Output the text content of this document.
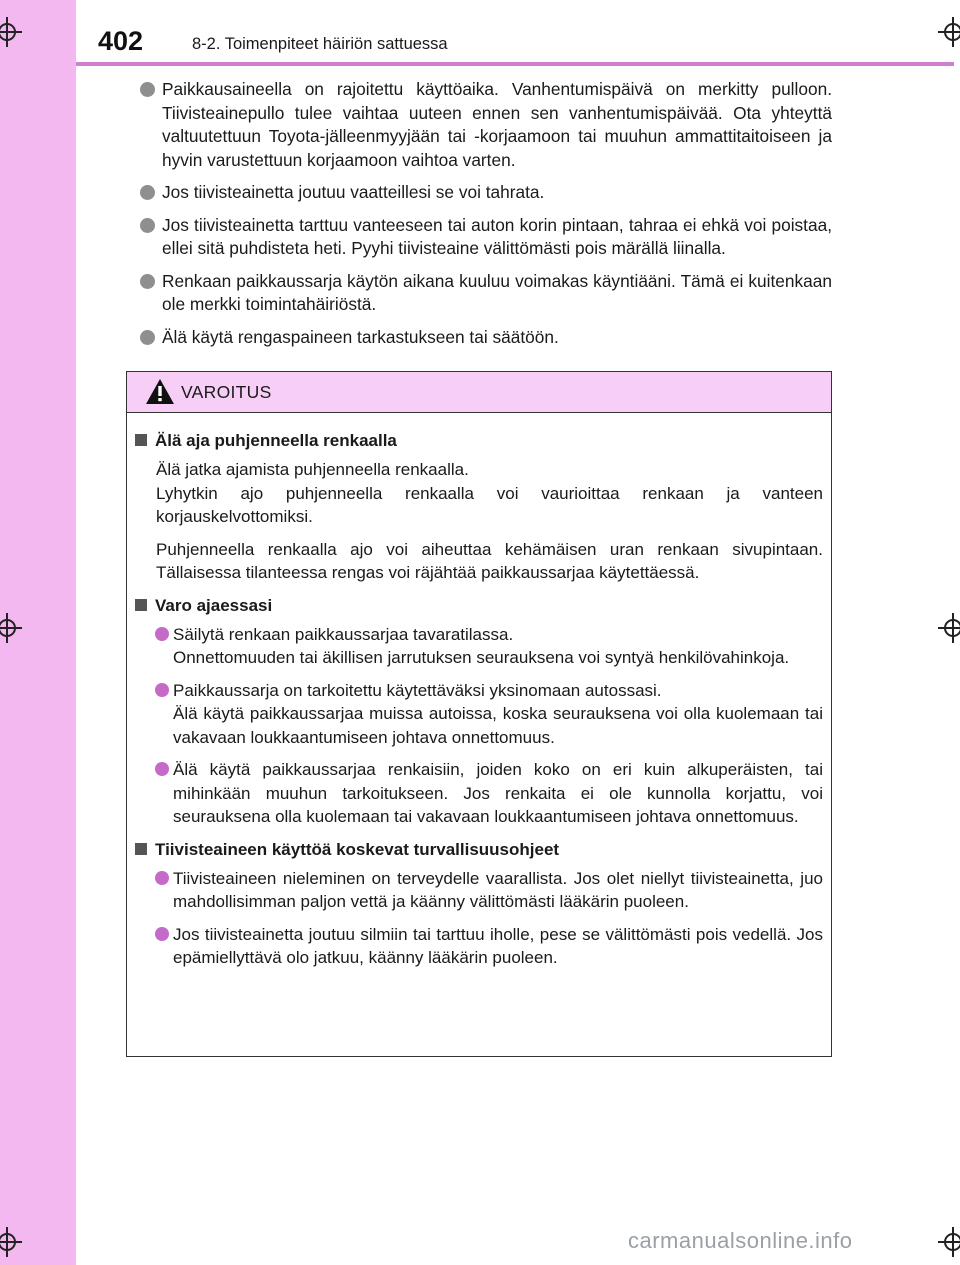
402	8-2. Toimenpiteet häiriön sattuessa
Paikkausaineella on rajoitettu käyttöaika. Vanhentumispäivä on merkitty pulloon. Tiivisteainepullo tulee vaihtaa uuteen ennen sen vanhentumispäivää. Ota yhteyttä valtuutettuun Toyota-jälleenmyyjään tai -korjaamoon tai muuhun ammattitaitoiseen ja hyvin varustettuun korjaamoon vaihtoa varten.
Jos tiivisteainetta joutuu vaatteillesi se voi tahrata.
Jos tiivisteainetta tarttuu vanteeseen tai auton korin pintaan, tahraa ei ehkä voi poistaa, ellei sitä puhdisteta heti. Pyyhi tiivisteaine välittömästi pois märällä liinalla.
Renkaan paikkaussarja käytön aikana kuuluu voimakas käyntiääni. Tämä ei kuitenkaan ole merkki toimintahäiriöstä.
Älä käytä rengaspaineen tarkastukseen tai säätöön.
VAROITUS
Älä aja puhjenneella renkaalla
Älä jatka ajamista puhjenneella renkaalla.
Lyhytkin ajo puhjenneella renkaalla voi vaurioittaa renkaan ja vanteen korjauskelvottomiksi.
Puhjenneella renkaalla ajo voi aiheuttaa kehämäisen uran renkaan sivupintaan. Tällaisessa tilanteessa rengas voi räjähtää paikkaussarjaa käytettäessä.
Varo ajaessasi
Säilytä renkaan paikkaussarjaa tavaratilassa.
Onnettomuuden tai äkillisen jarrutuksen seurauksena voi syntyä henkilövahinkoja.
Paikkaussarja on tarkoitettu käytettäväksi yksinomaan autossasi.
Älä käytä paikkaussarjaa muissa autoissa, koska seurauksena voi olla kuolemaan tai vakavaan loukkaantumiseen johtava onnettomuus.
Älä käytä paikkaussarjaa renkaisiin, joiden koko on eri kuin alkuperäisten, tai mihinkään muuhun tarkoitukseen. Jos renkaita ei ole kunnolla korjattu, voi seurauksena olla kuolemaan tai vakavaan loukkaantumiseen johtava onnettomuus.
Tiivisteaineen käyttöä koskevat turvallisuusohjeet
Tiivisteaineen nieleminen on terveydelle vaarallista. Jos olet niellyt tiivisteainetta, juo mahdollisimman paljon vettä ja käänny välittömästi lääkärin puoleen.
Jos tiivisteainetta joutuu silmiin tai tarttuu iholle, pese se välittömästi pois vedellä. Jos epämiellyttävä olo jatkuu, käänny lääkärin puoleen.
carmanualsonline.info
